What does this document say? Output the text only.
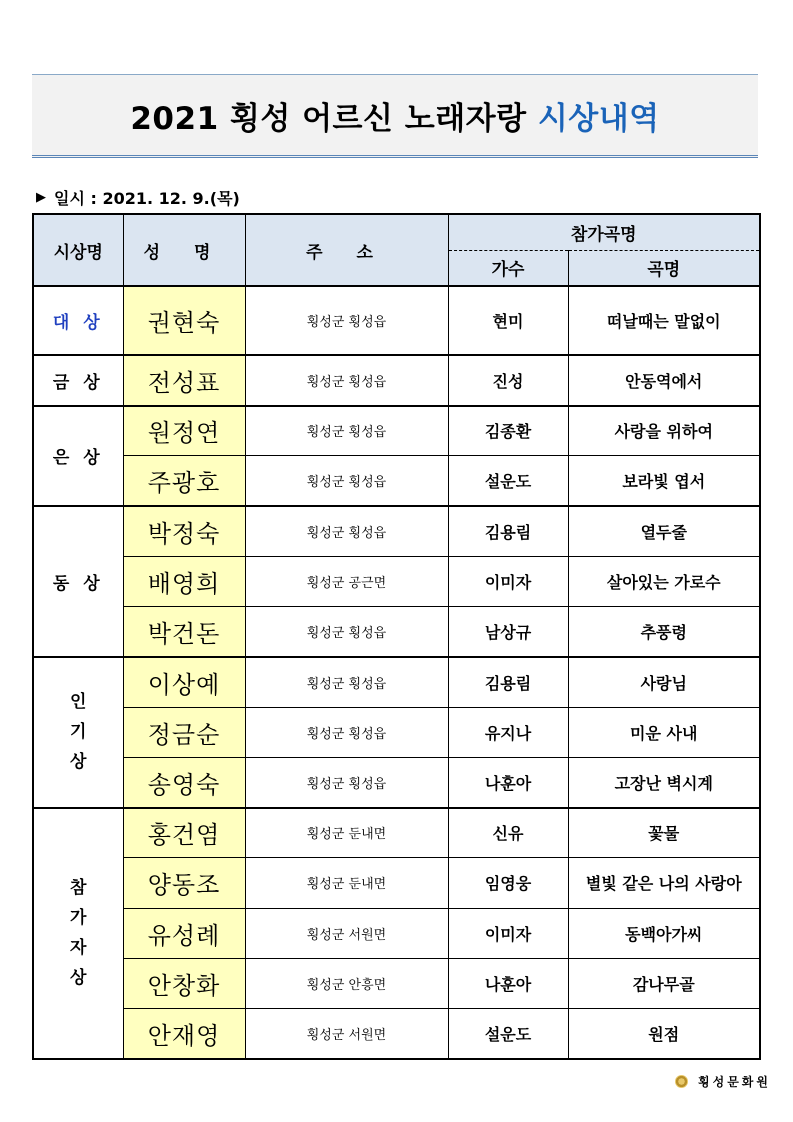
2021 횡성 어르신 노래자랑 시상내역
▶ 일시 : 2021. 12. 9.(목)
시상명	성 명	주 소	참가곡명	
			가수	곡명
대 상	권현숙	횡성군 횡성읍	현미	떠날때는 말없이
금 상	전성표	횡성군 횡성읍	진성	안동역에서
은 상	원정연	횡성군 횡성읍	김종환	사랑을 위하여
	주광호	횡성군 횡성읍	설운도	보라빛 엽서
동 상	박정숙	횡성군 횡성읍	김용림	열두줄
	배영희	횡성군 공근면	이미자	살아있는 가로수
	박건돈	횡성군 횡성읍	남상규	추풍령
인
기
상	이상예	횡성군 횡성읍	김용림	사랑님
	정금순	횡성군 횡성읍	유지나	미운 사내
	송영숙	횡성군 횡성읍	나훈아	고장난 벽시계
참
가
자
상	홍건염	횡성군 둔내면	신유	꽃물
	양동조	횡성군 둔내면	임영웅	별빛 같은 나의 사랑아
	유성례	횡성군 서원면	이미자	동백아가씨
	안창화	횡성군 안흥면	나훈아	감나무골
	안재영	횡성군 서원면	설운도	원점
횡성문화원
